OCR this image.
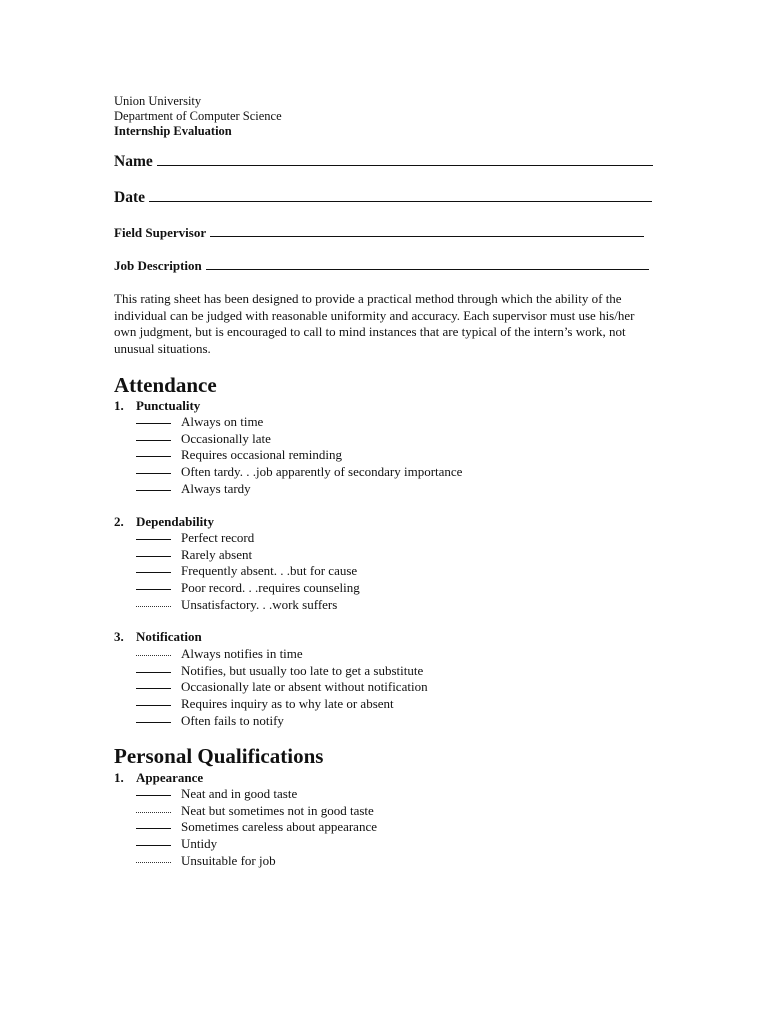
Union University
Department of Computer Science
Internship Evaluation
Name
Date
Field Supervisor
Job Description
This rating sheet has been designed to provide a practical method through which the ability of the individual can be judged with reasonable uniformity and accuracy. Each supervisor must use his/her own judgment, but is encouraged to call to mind instances that are typical of the intern’s work, not unusual situations.
Attendance
1. Punctuality
Always on time
Occasionally late
Requires occasional reminding
Often tardy. . .job apparently of secondary importance
Always tardy
2. Dependability
Perfect record
Rarely absent
Frequently absent. . .but for cause
Poor record. . .requires counseling
Unsatisfactory. . .work suffers
3. Notification
Always notifies in time
Notifies, but usually too late to get a substitute
Occasionally late or absent without notification
Requires inquiry as to why late or absent
Often fails to notify
Personal Qualifications
1. Appearance
Neat and in good taste
Neat but sometimes not in good taste
Sometimes careless about appearance
Untidy
Unsuitable for job
